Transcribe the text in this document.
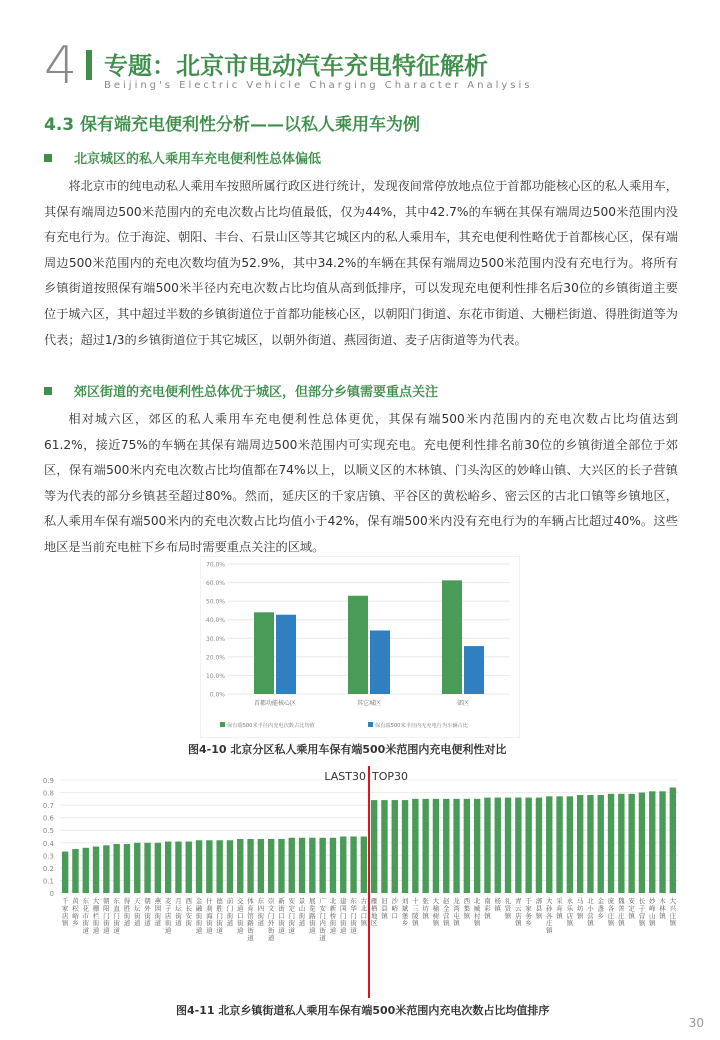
4 专题：北京市电动汽车充电特征解析
Beijing's Electric Vehicle Charging Character Analysis
4.3 保有端充电便利性分析——以私人乘用车为例
北京城区的私人乘用车充电便利性总体偏低

将北京市的纯电动私人乘用车按照所属行政区进行统计，发现夜间常停放地点位于首都功能核心区的私人乘用车，其保有端周边500米范围内的充电次数占比均值最低，仅为44%，其中42.7%的车辆在其保有端周边500米范围内没有充电行为。位于海淀、朝阳、丰台、石景山区等其它城区内的私人乘用车，其充电便利性略优于首都核心区，保有端周边500米范围内的充电次数均值为52.9%，其中34.2%的车辆在其保有端周边500米范围内没有充电行为。将所有乡镇街道按照保有端500米半径内充电次数占比均值从高到低排序，可以发现充电便利性排名后30位的乡镇街道主要位于城六区，其中超过半数的乡镇街道位于首都功能核心区，以朝阳门街道、东花市街道、大栅栏街道、得胜街道等为代表；超过1/3的乡镇街道位于其它城区，以朝外街道、燕园街道、麦子店街道等为代表。

郊区街道的充电便利性总体优于城区，但部分乡镇需要重点关注

相对城六区，郊区的私人乘用车充电便利性总体更优，其保有端500米内范围内的充电次数占比均值达到61.2%，接近75%的车辆在其保有端周边500米范围内可实现充电。充电便利性排名前30位的乡镇街道全部位于郊区，保有端500米内充电次数占比均值都在74%以上，以顺义区的木林镇、门头沟区的妙峰山镇、大兴区的长子营镇等为代表的部分乡镇甚至超过80%。然而，延庆区的千家店镇、平谷区的黄松峪乡、密云区的古北口镇等乡镇地区，私人乘用车保有端500米内的充电次数占比均值小于42%，保有端500米内没有充电行为的车辆占比超过40%。这些地区是当前充电桩下乡布局时需要重点关注的区域。

0.0%
10.0%
20.0%
30.0%
40.0%
50.0%
60.0%
70.0%
首都功能核心区	其它城区	郊区
保有端500米半径内充电次数占比均值	保有端500米半径内无充电行为车辆占比
图4-10 北京分区私人乘用车保有端500米范围内充电便利性对比
0
0.1
0.2
0.3
0.4
0.5
0.6
0.7
0.8
0.9
千家店镇
黄松峪乡
东花市街道
大栅栏街道
朝阳门街道
东直门街道
得胜街道
天坛街道
朝外街道
燕园街道
麦子店街道
月坛街道
西长安街
金融街街道
什刹海街道
德胜门街道
前门街道
交道口街道
体育馆路街道
东四街道
崇文门外街道
新街口街道
安定门街道
景山街道
展览路街道
广安门内街道
北新桥街道
建国门街道
东华门街道
古北口镇
雁栖地区
旧县镇
沙峪口
刘斌堡乡
十三陵镇
张坊镇
大榆树镇
赵全营镇
龙湾屯镇
西集镇
北臧村镇
南彩镇
杨镇
礼贤镇
青云店镇
于家务乡
漷县镇
大孙各庄镇
采育镇
永乐店镇
马坊镇
北小营镇
金盏乡
庞各庄镇
魏善庄镇
安定镇
长子营镇
妙峰山镇
木林镇
大兴庄镇
LAST30 TOP30
图4-11 北京乡镇街道私人乘用车保有端500米范围内充电次数占比均值排序
30
